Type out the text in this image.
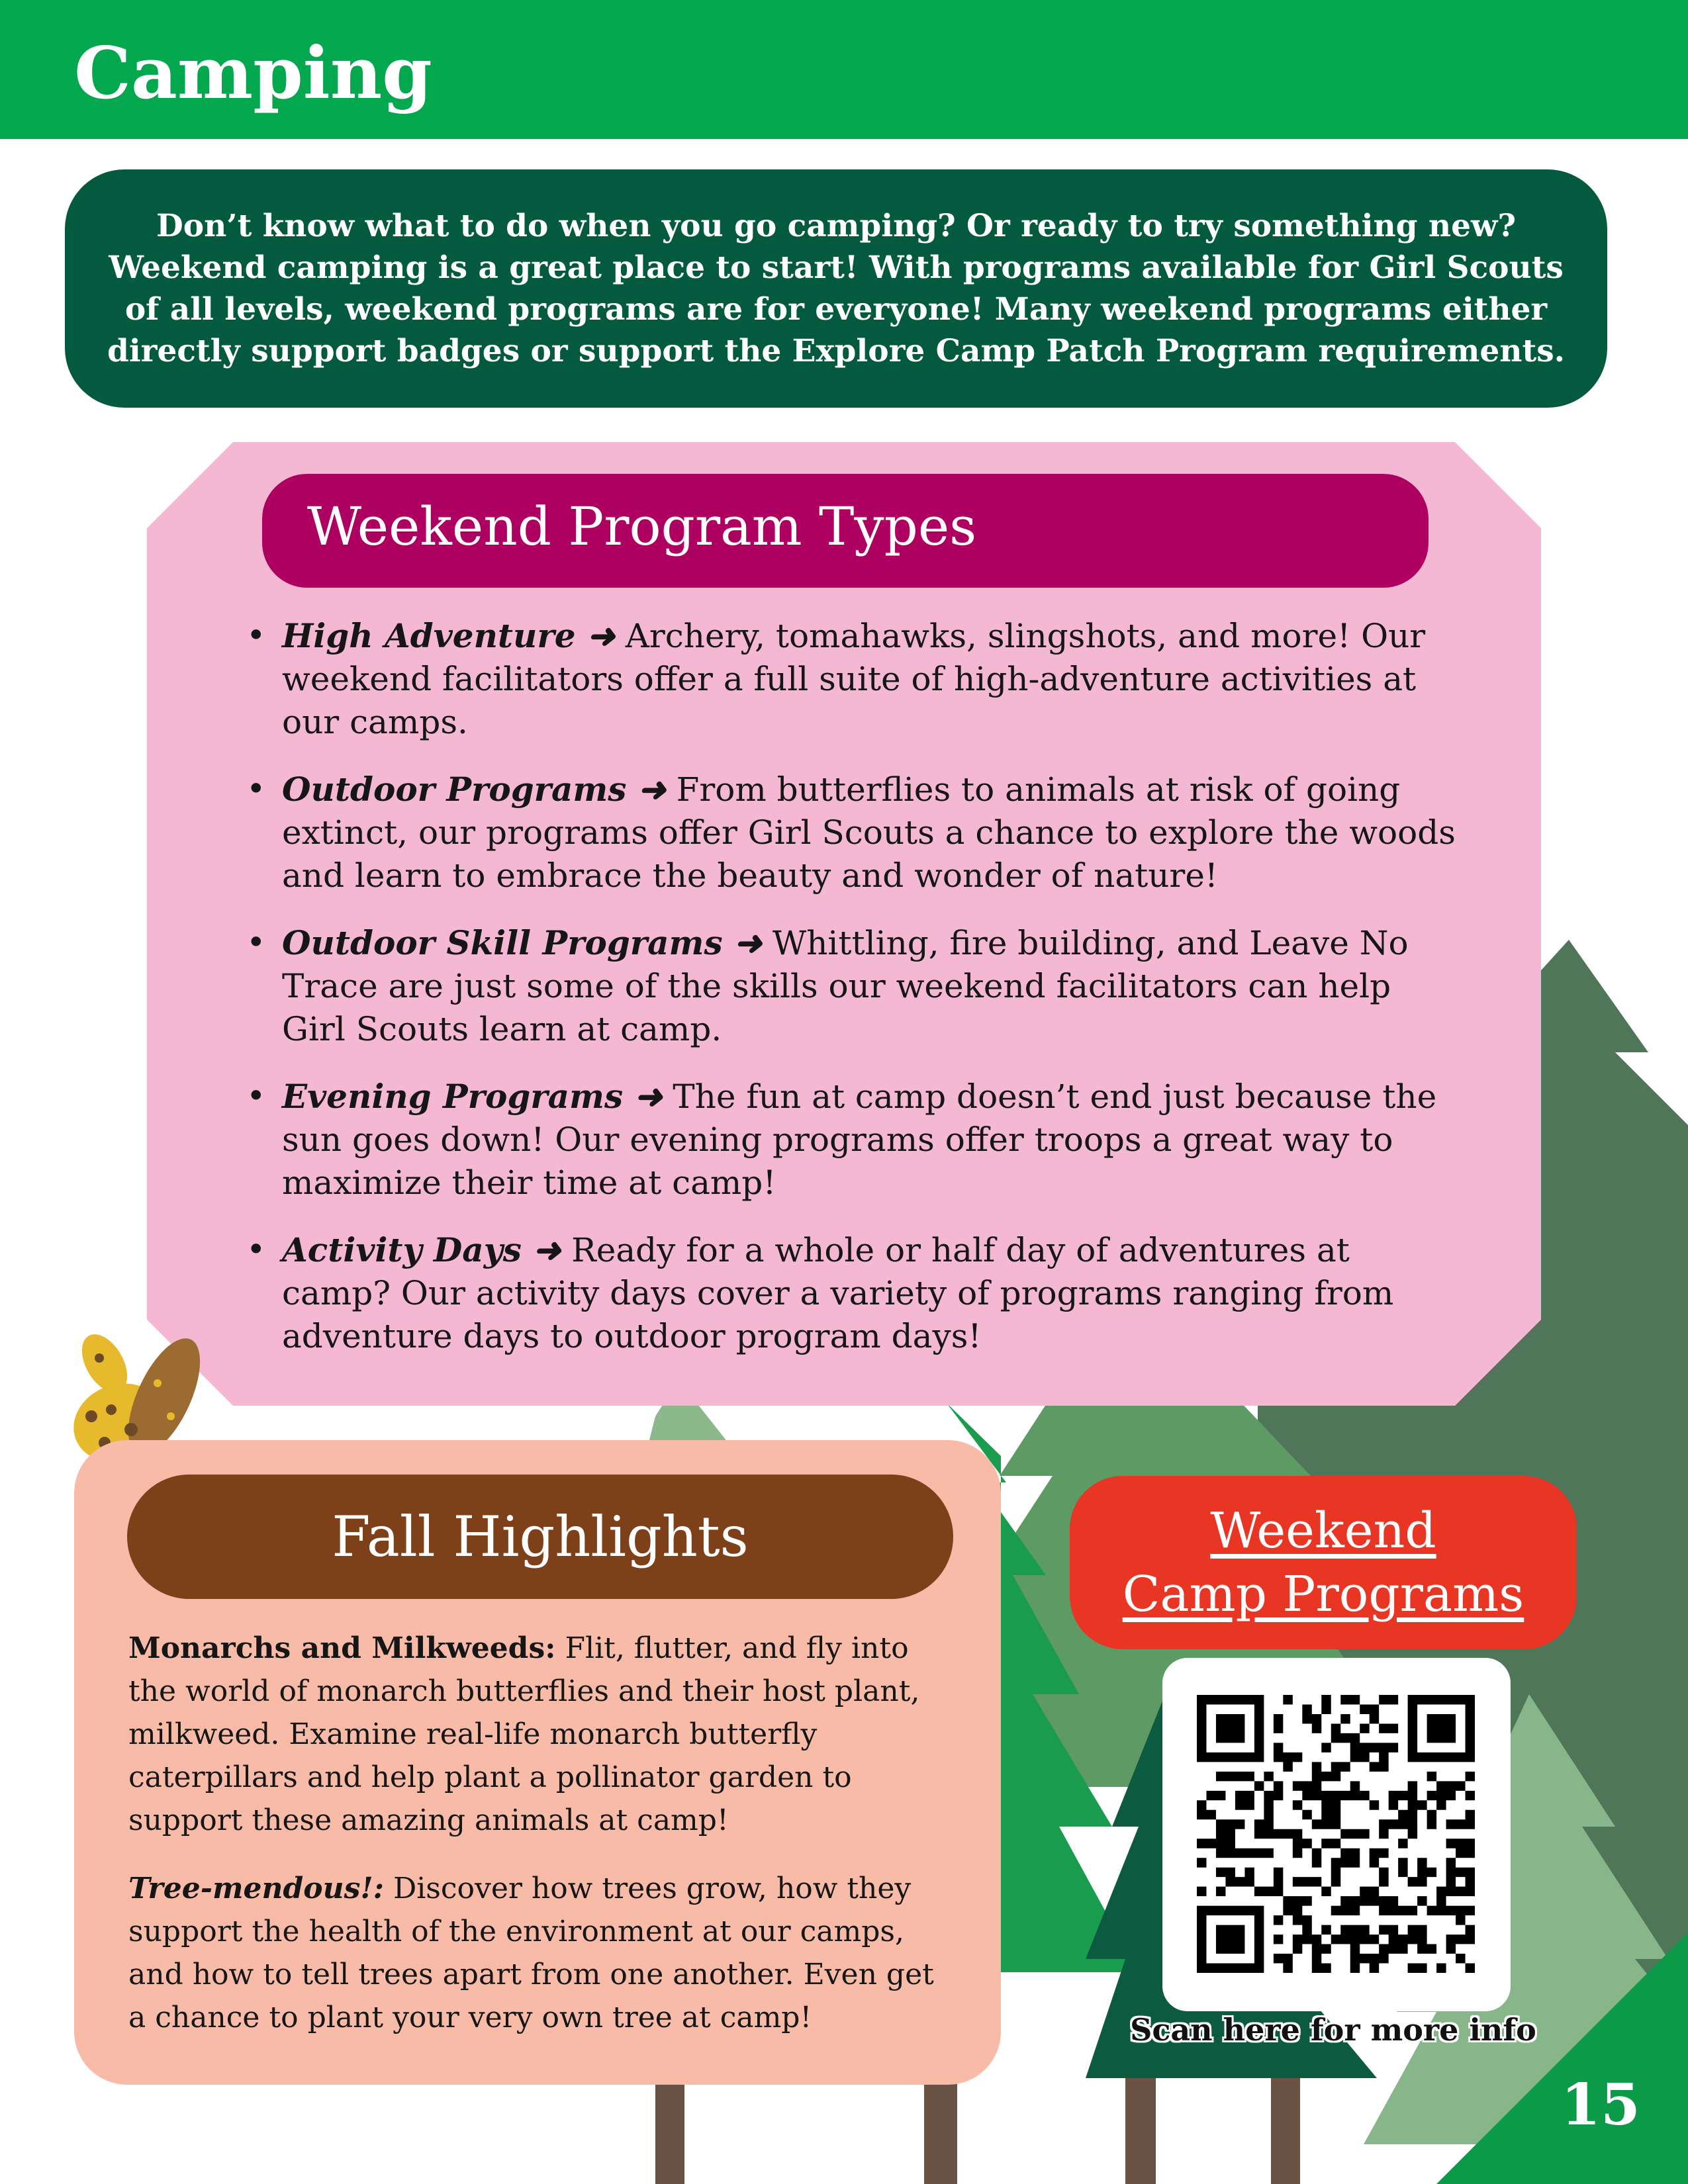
Camping

Don’t know what to do when you go camping? Or ready to try something new? Weekend camping is a great place to start! With programs available for Girl Scouts of all levels, weekend programs are for everyone! Many weekend programs either directly support badges or support the Explore Camp Patch Program requirements.

Weekend Program Types
• High Adventure ➜ Archery, tomahawks, slingshots, and more! Our weekend facilitators offer a full suite of high-adventure activities at our camps.
• Outdoor Programs ➜ From butterflies to animals at risk of going extinct, our programs offer Girl Scouts a chance to explore the woods and learn to embrace the beauty and wonder of nature!
• Outdoor Skill Programs ➜ Whittling, fire building, and Leave No Trace are just some of the skills our weekend facilitators can help Girl Scouts learn at camp.
• Evening Programs ➜ The fun at camp doesn’t end just because the sun goes down! Our evening programs offer troops a great way to maximize their time at camp!
• Activity Days ➜ Ready for a whole or half day of adventures at camp? Our activity days cover a variety of programs ranging from adventure days to outdoor program days!
Fall Highlights

Monarchs and Milkweeds: Flit, flutter, and fly into the world of monarch butterflies and their host plant, milkweed. Examine real-life monarch butterfly caterpillars and help plant a pollinator garden to support these amazing animals at camp!

Tree-mendous!: Discover how trees grow, how they support the health of the environment at our camps, and how to tell trees apart from one another. Even get a chance to plant your very own tree at camp!

Weekend
Camp Programs
Scan here for more info
15
